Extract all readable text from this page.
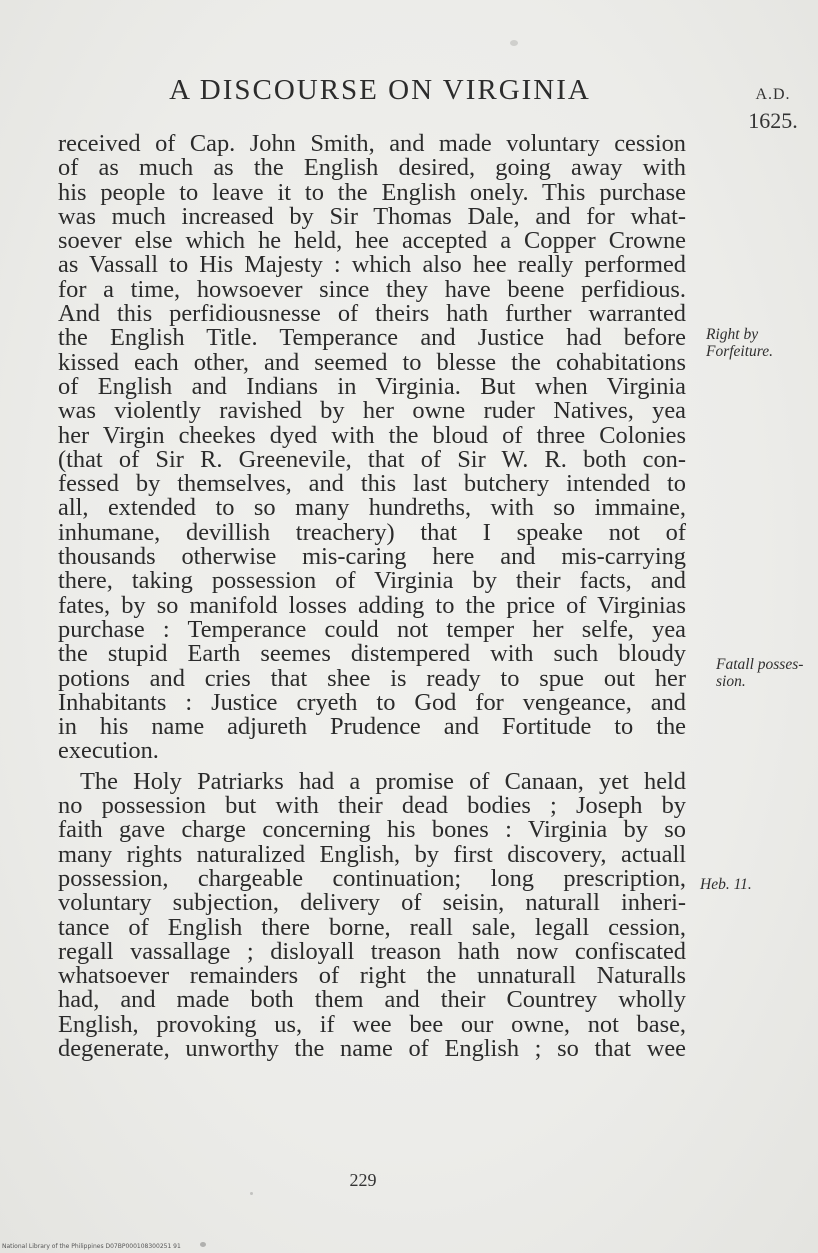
A DISCOURSE ON VIRGINIA	A.D.
1625.
received of Cap. John Smith, and made voluntary cession
of as much as the English desired, going away with
his people to leave it to the English onely. This purchase
was much increased by Sir Thomas Dale, and for what-
soever else which he held, hee accepted a Copper Crowne
as Vassall to His Majesty : which also hee really performed
for a time, howsoever since they have beene perfidious.
And this perfidiousnesse of theirs hath further warranted
the English Title. Temperance and Justice had before
kissed each other, and seemed to blesse the cohabitations
of English and Indians in Virginia. But when Virginia
was violently ravished by her owne ruder Natives, yea
her Virgin cheekes dyed with the bloud of three Colonies
(that of Sir R. Greenevile, that of Sir W. R. both con-
fessed by themselves, and this last butchery intended to
all, extended to so many hundreths, with so immaine,
inhumane, devillish treachery) that I speake not of
thousands otherwise mis-caring here and mis-carrying
there, taking possession of Virginia by their facts, and
fates, by so manifold losses adding to the price of Virginias
purchase : Temperance could not temper her selfe, yea
the stupid Earth seemes distempered with such bloudy
potions and cries that shee is ready to spue out her
Inhabitants : Justice cryeth to God for vengeance, and
in his name adjureth Prudence and Fortitude to the
execution.
The Holy Patriarks had a promise of Canaan, yet held
no possession but with their dead bodies ; Joseph by
faith gave charge concerning his bones : Virginia by so
many rights naturalized English, by first discovery, actuall
possession, chargeable continuation; long prescription,
voluntary subjection, delivery of seisin, naturall inheri-
tance of English there borne, reall sale, legall cession,
regall vassallage ; disloyall treason hath now confiscated
whatsoever remainders of right the unnaturall Naturalls
had, and made both them and their Countrey wholly
English, provoking us, if wee bee our owne, not base,
degenerate, unworthy the name of English ; so that wee
Right by
Forfeiture.
Fatall posses-
sion.
Heb. 11.
229
National Library of the Philippines D07BP000108300251 91
